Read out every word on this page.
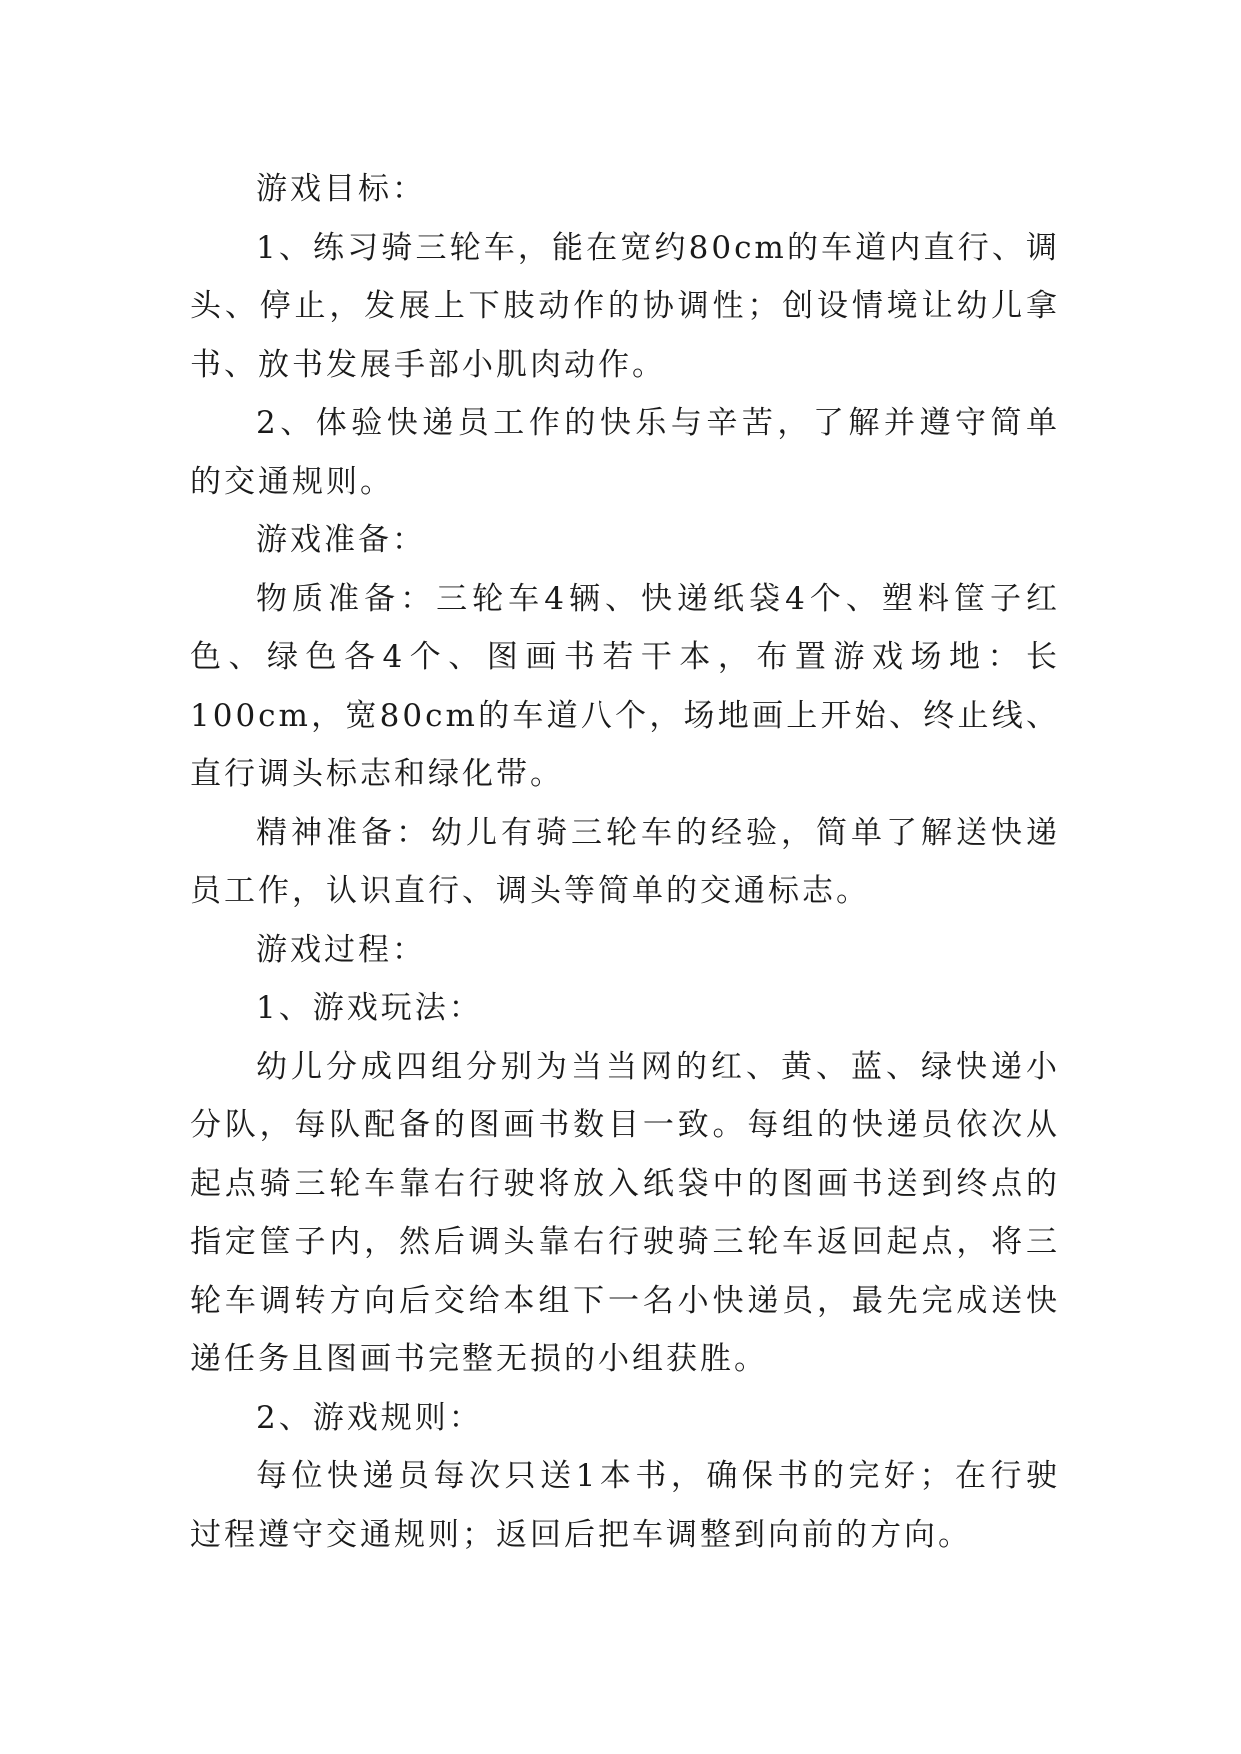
游戏目标：

1、练习骑三轮车，能在宽约80cm的车道内直行、调头、停止，发展上下肢动作的协调性；创设情境让幼儿拿书、放书发展手部小肌肉动作。

2、体验快递员工作的快乐与辛苦，了解并遵守简单的交通规则。

游戏准备：

物质准备：三轮车4辆、快递纸袋4个、塑料筐子红色、绿色各4个、图画书若干本，布置游戏场地：长100cm，宽80cm的车道八个，场地画上开始、终止线、直行调头标志和绿化带。

精神准备：幼儿有骑三轮车的经验，简单了解送快递员工作，认识直行、调头等简单的交通标志。

游戏过程：

1、游戏玩法：

幼儿分成四组分别为当当网的红、黄、蓝、绿快递小分队，每队配备的图画书数目一致。每组的快递员依次从起点骑三轮车靠右行驶将放入纸袋中的图画书送到终点的指定筐子内，然后调头靠右行驶骑三轮车返回起点，将三轮车调转方向后交给本组下一名小快递员，最先完成送快递任务且图画书完整无损的小组获胜。

2、游戏规则：

每位快递员每次只送1本书，确保书的完好；在行驶过程遵守交通规则；返回后把车调整到向前的方向。
